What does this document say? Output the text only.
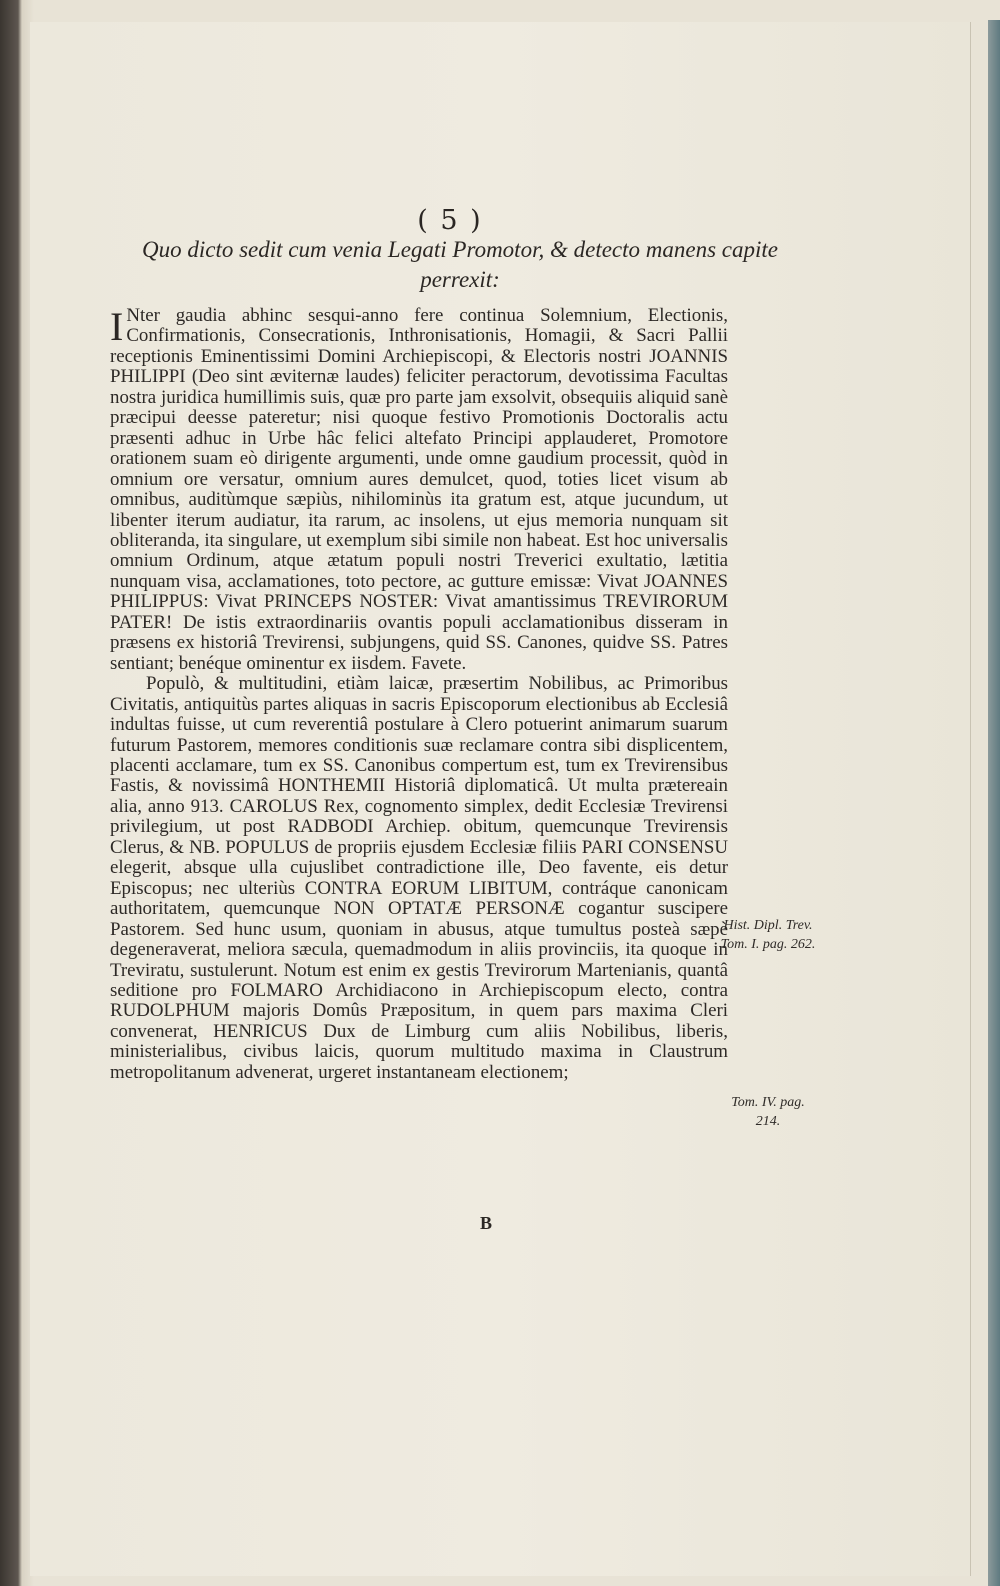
( 5 )
Quo dicto sedit cum venia Legati Promotor, & detecto manens capite perrexit:

I Nter gaudia abhinc sesqui-anno fere continua Solemnium, Electionis, Confirmationis, Consecrationis, Inthronisationis, Homagii, & Sacri Pallii receptionis Eminentissimi Domini Archiepiscopi, & Electoris nostri JOANNIS PHILIPPI (Deo sint æviternæ laudes) feliciter peractorum, devotissima Facultas nostra juridica humillimis suis, quæ pro parte jam exsolvit, obsequiis aliquid sanè præcipui deesse pateretur; nisi quoque festivo Promotionis Doctoralis actu præsenti adhuc in Urbe hâc felici altefato Principi applauderet, Promotore orationem suam eò dirigente argumenti, unde omne gaudium processit, quòd in omnium ore versatur, omnium aures demulcet, quod, toties licet visum ab omnibus, auditùmque sæpiùs, nihilominùs ita gratum est, atque jucundum, ut libenter iterum audiatur, ita rarum, ac insolens, ut ejus memoria nunquam sit obliteranda, ita singulare, ut exemplum sibi simile non habeat. Est hoc universalis omnium Ordinum, atque ætatum populi nostri Treverici exultatio, lætitia nunquam visa, acclamationes, toto pectore, ac gutture emissæ: Vivat JOANNES PHILIPPUS: Vivat PRINCEPS NOSTER: Vivat amantissimus TREVIRORUM PATER! De istis extraordinariis ovantis populi acclamationibus disseram in præsens ex historiâ Trevirensi, subjungens, quid SS. Canones, quidve SS. Patres sentiant; benéque ominentur ex iisdem. Favete.

Populò, & multitudini, etiàm laicæ, præsertim Nobilibus, ac Primoribus Civitatis, antiquitùs partes aliquas in sacris Episcoporum electionibus ab Ecclesiâ indultas fuisse, ut cum reverentiâ postulare à Clero potuerint animarum suarum futurum Pastorem, memores conditionis suæ reclamare contra sibi displicentem, placenti acclamare, tum ex SS. Canonibus compertum est, tum ex Trevirensibus Fastis, & novissimâ HONTHEMII Historiâ diplomaticâ. Ut multa prætereain alia, anno 913. CAROLUS Rex, cognomento simplex, dedit Ecclesiæ Trevirensi privilegium, ut post RADBODI Archiep. obitum, quemcunque Trevirensis Clerus, & NB. POPULUS de propriis ejusdem Ecclesiæ filiis PARI CONSENSU elegerit, absque ulla cujuslibet contradictione ille, Deo favente, eis detur Episcopus; nec ulteriùs CONTRA EORUM LIBITUM, contráque canonicam authoritatem, quemcunque NON OPTATÆ PERSONÆ cogantur suscipere Pastorem. Sed hunc usum, quoniam in abusus, atque tumultus posteà sæpè degeneraverat, meliora sæcula, quemadmodum in aliis provinciis, ita quoque in Treviratu, sustulerunt. Notum est enim ex gestis Trevirorum Martenianis, quantâ seditione pro FOLMARO Archidiacono in Archiepiscopum electo, contra RUDOLPHUM majoris Domûs Præpositum, in quem pars maxima Cleri convenerat, HENRICUS Dux de Limburg cum aliis Nobilibus, liberis, ministerialibus, civibus laicis, quorum multitudo maxima in Claustrum metropolitanum advenerat, urgeret instantaneam electionem;

B
Hist. Dipl. Trev. Tom. I. pag. 262.
Tom. IV. pag. 214.
